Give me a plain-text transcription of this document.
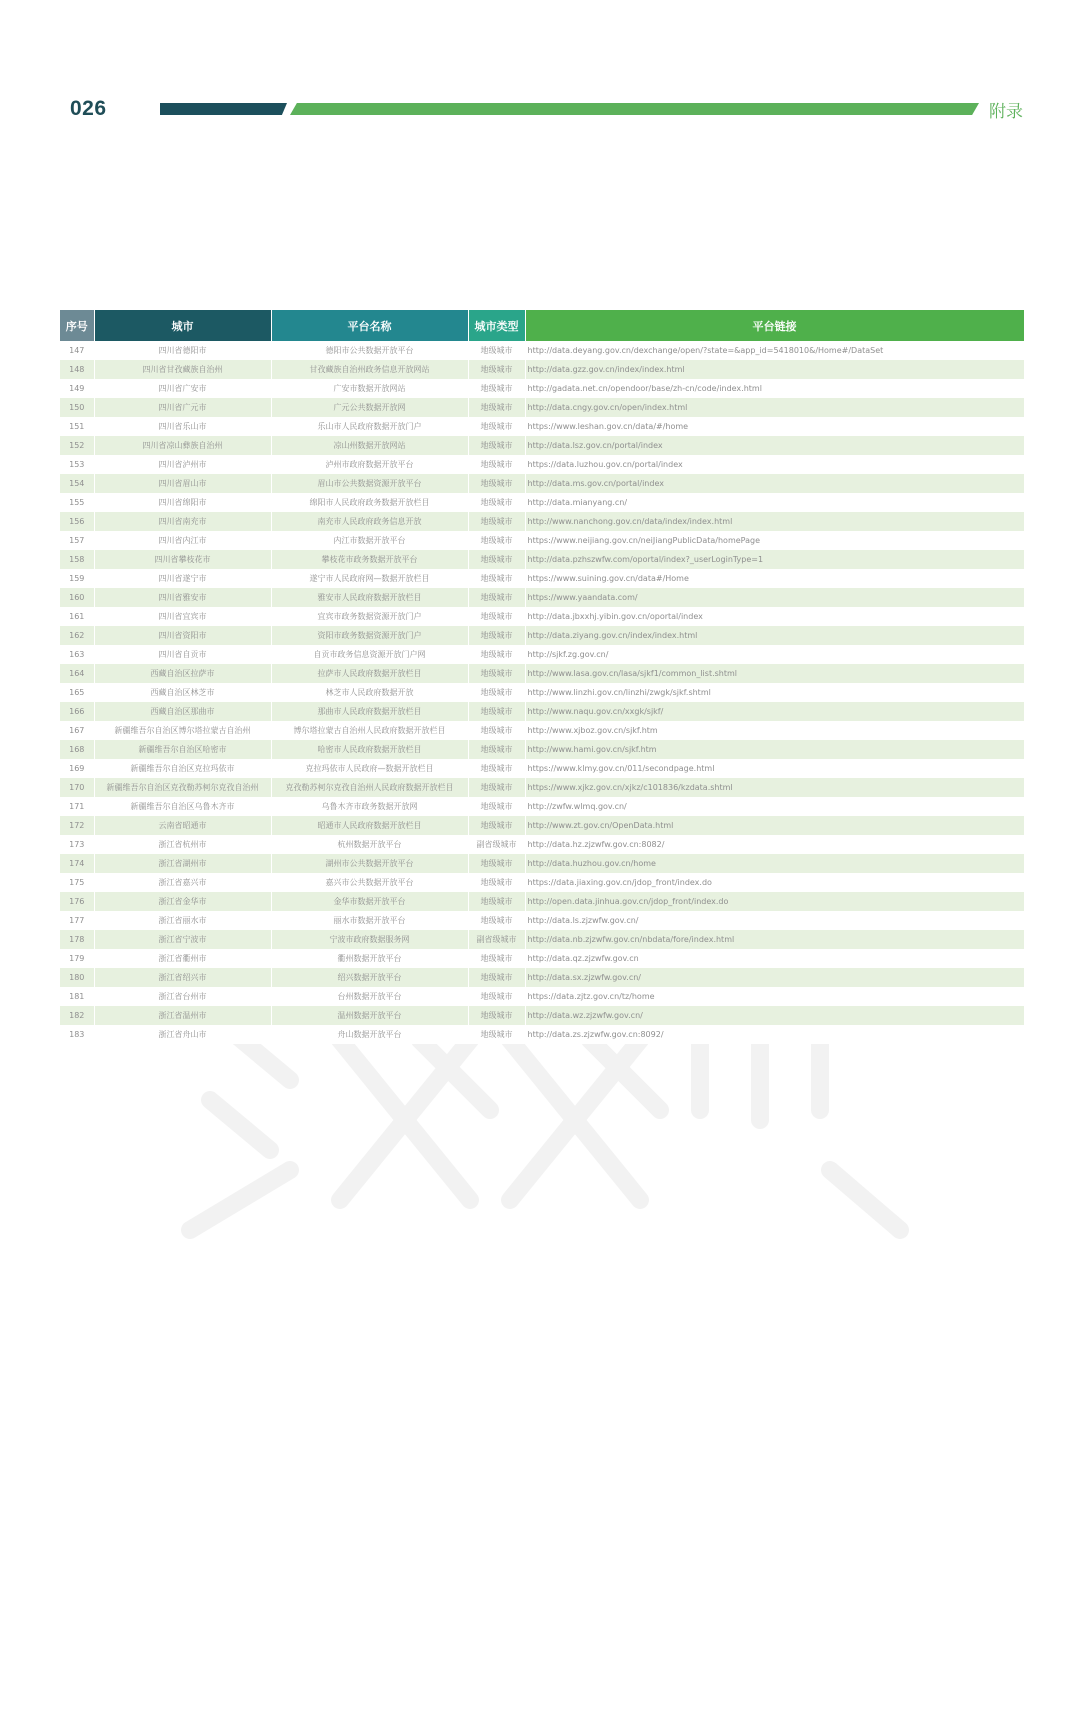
026	附录
序号	城市	平台名称	城市类型	平台链接
147	四川省德阳市	德阳市公共数据开放平台	地级城市	http://data.deyang.gov.cn/dexchange/open/?state=&app_id=5418010&/Home#/DataSet
148	四川省甘孜藏族自治州	甘孜藏族自治州政务信息开放网站	地级城市	http://data.gzz.gov.cn/index/index.html
149	四川省广安市	广安市数据开放网站	地级城市	http://gadata.net.cn/opendoor/base/zh-cn/code/index.html
150	四川省广元市	广元公共数据开放网	地级城市	http://data.cngy.gov.cn/open/index.html
151	四川省乐山市	乐山市人民政府数据开放门户	地级城市	https://www.leshan.gov.cn/data/#/home
152	四川省凉山彝族自治州	凉山州数据开放网站	地级城市	http://data.lsz.gov.cn/portal/index
153	四川省泸州市	泸州市政府数据开放平台	地级城市	https://data.luzhou.gov.cn/portal/index
154	四川省眉山市	眉山市公共数据资源开放平台	地级城市	http://data.ms.gov.cn/portal/index
155	四川省绵阳市	绵阳市人民政府政务数据开放栏目	地级城市	http://data.mianyang.cn/
156	四川省南充市	南充市人民政府政务信息开放	地级城市	http://www.nanchong.gov.cn/data/index/index.html
157	四川省内江市	内江市数据开放平台	地级城市	https://www.neijiang.gov.cn/neiJiangPublicData/homePage
158	四川省攀枝花市	攀枝花市政务数据开放平台	地级城市	http://data.pzhszwfw.com/oportal/index?_userLoginType=1
159	四川省遂宁市	遂宁市人民政府网—数据开放栏目	地级城市	https://www.suining.gov.cn/data#/Home
160	四川省雅安市	雅安市人民政府数据开放栏目	地级城市	https://www.yaandata.com/
161	四川省宜宾市	宜宾市政务数据资源开放门户	地级城市	http://data.jbxxhj.yibin.gov.cn/oportal/index
162	四川省资阳市	资阳市政务数据资源开放门户	地级城市	http://data.ziyang.gov.cn/index/index.html
163	四川省自贡市	自贡市政务信息资源开放门户网	地级城市	http://sjkf.zg.gov.cn/
164	西藏自治区拉萨市	拉萨市人民政府数据开放栏目	地级城市	http://www.lasa.gov.cn/lasa/sjkf1/common_list.shtml
165	西藏自治区林芝市	林芝市人民政府数据开放	地级城市	http://www.linzhi.gov.cn/linzhi/zwgk/sjkf.shtml
166	西藏自治区那曲市	那曲市人民政府数据开放栏目	地级城市	http://www.naqu.gov.cn/xxgk/sjkf/
167	新疆维吾尔自治区博尔塔拉蒙古自治州	博尔塔拉蒙古自治州人民政府数据开放栏目	地级城市	http://www.xjboz.gov.cn/sjkf.htm
168	新疆维吾尔自治区哈密市	哈密市人民政府数据开放栏目	地级城市	http://www.hami.gov.cn/sjkf.htm
169	新疆维吾尔自治区克拉玛依市	克拉玛依市人民政府—数据开放栏目	地级城市	https://www.klmy.gov.cn/011/secondpage.html
170	新疆维吾尔自治区克孜勒苏柯尔克孜自治州	克孜勒苏柯尔克孜自治州人民政府数据开放栏目	地级城市	https://www.xjkz.gov.cn/xjkz/c101836/kzdata.shtml
171	新疆维吾尔自治区乌鲁木齐市	乌鲁木齐市政务数据开放网	地级城市	http://zwfw.wlmq.gov.cn/
172	云南省昭通市	昭通市人民政府数据开放栏目	地级城市	http://www.zt.gov.cn/OpenData.html
173	浙江省杭州市	杭州数据开放平台	副省级城市	http://data.hz.zjzwfw.gov.cn:8082/
174	浙江省湖州市	湖州市公共数据开放平台	地级城市	http://data.huzhou.gov.cn/home
175	浙江省嘉兴市	嘉兴市公共数据开放平台	地级城市	https://data.jiaxing.gov.cn/jdop_front/index.do
176	浙江省金华市	金华市数据开放平台	地级城市	http://open.data.jinhua.gov.cn/jdop_front/index.do
177	浙江省丽水市	丽水市数据开放平台	地级城市	http://data.ls.zjzwfw.gov.cn/
178	浙江省宁波市	宁波市政府数据服务网	副省级城市	http://data.nb.zjzwfw.gov.cn/nbdata/fore/index.html
179	浙江省衢州市	衢州数据开放平台	地级城市	http://data.qz.zjzwfw.gov.cn
180	浙江省绍兴市	绍兴数据开放平台	地级城市	http://data.sx.zjzwfw.gov.cn/
181	浙江省台州市	台州数据开放平台	地级城市	https://data.zjtz.gov.cn/tz/home
182	浙江省温州市	温州数据开放平台	地级城市	http://data.wz.zjzwfw.gov.cn/
183	浙江省舟山市	舟山数据开放平台	地级城市	http://data.zs.zjzwfw.gov.cn:8092/
